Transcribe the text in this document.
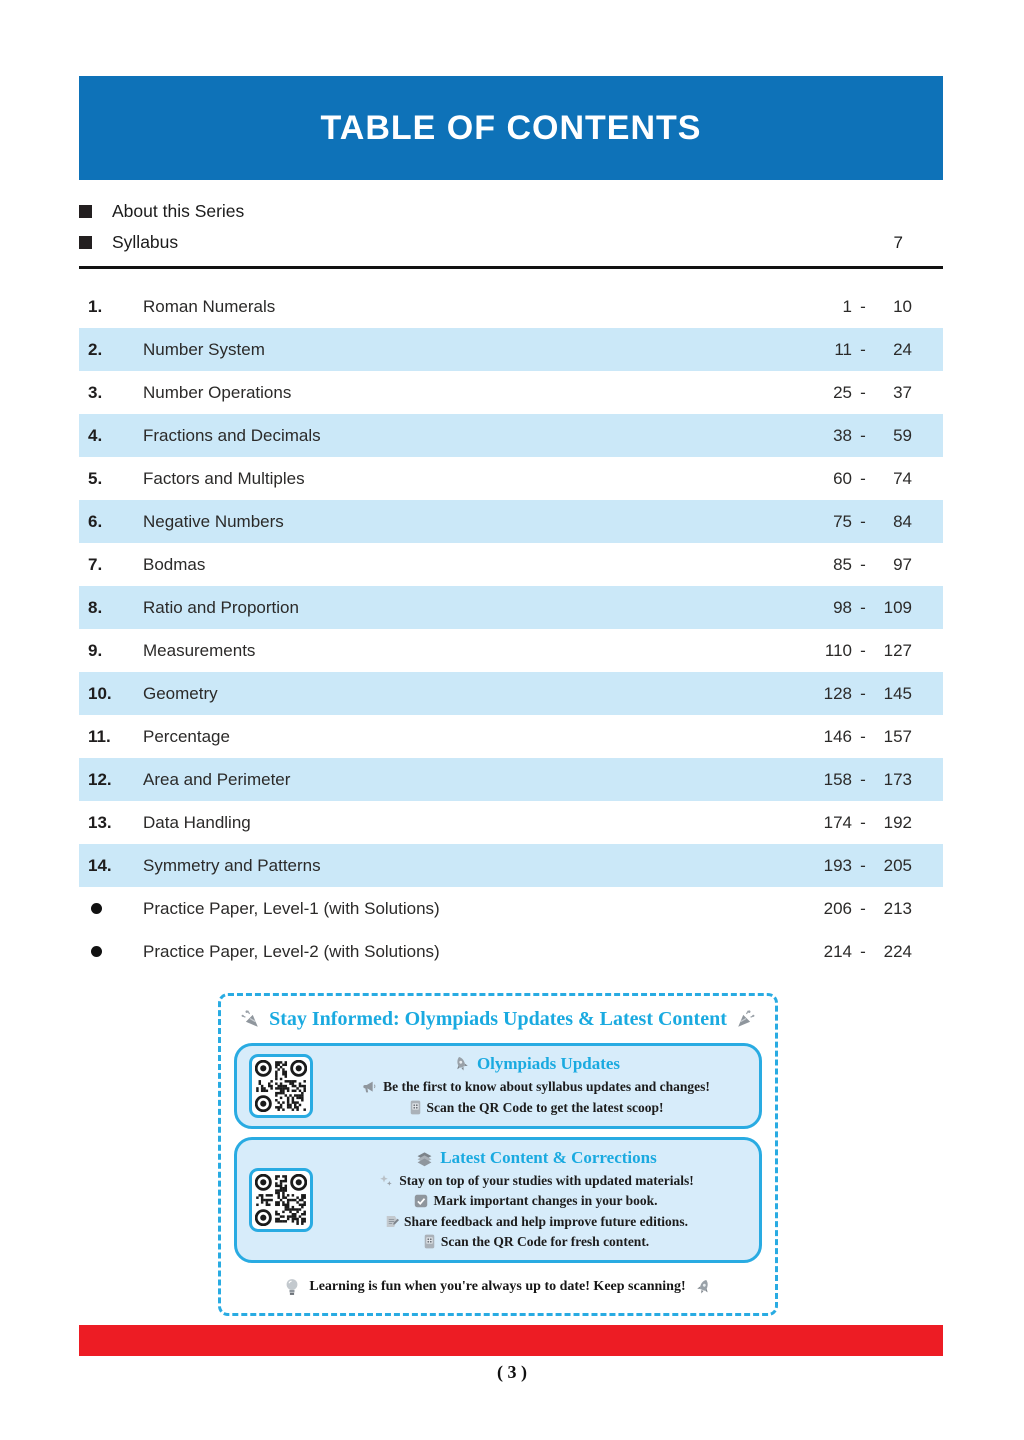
TABLE OF CONTENTS
About this Series
Syllabus	7
1.	Roman Numerals	1 -	10
2.	Number System	11 -	24
3.	Number Operations	25 -	37
4.	Fractions and Decimals	38 -	59
5.	Factors and Multiples	60 -	74
6.	Negative Numbers	75 -	84
7.	Bodmas	85 -	97
8.	Ratio and Proportion	98 -	109
9.	Measurements	110 -	127
10.	Geometry	128 -	145
11.	Percentage	146 -	157
12.	Area and Perimeter	158 -	173
13.	Data Handling	174 -	192
14.	Symmetry and Patterns	193 -	205
Practice Paper, Level-1 (with Solutions)	206 -	213
Practice Paper, Level-2 (with Solutions)	214 -	224
Stay Informed: Olympiads Updates & Latest Content
Olympiads Updates
Be the first to know about syllabus updates and changes!
Scan the QR Code to get the latest scoop!
Latest Content & Corrections
Stay on top of your studies with updated materials!
Mark important changes in your book.
Share feedback and help improve future editions.
Scan the QR Code for fresh content.
Learning is fun when you're always up to date! Keep scanning!
( 3 )
